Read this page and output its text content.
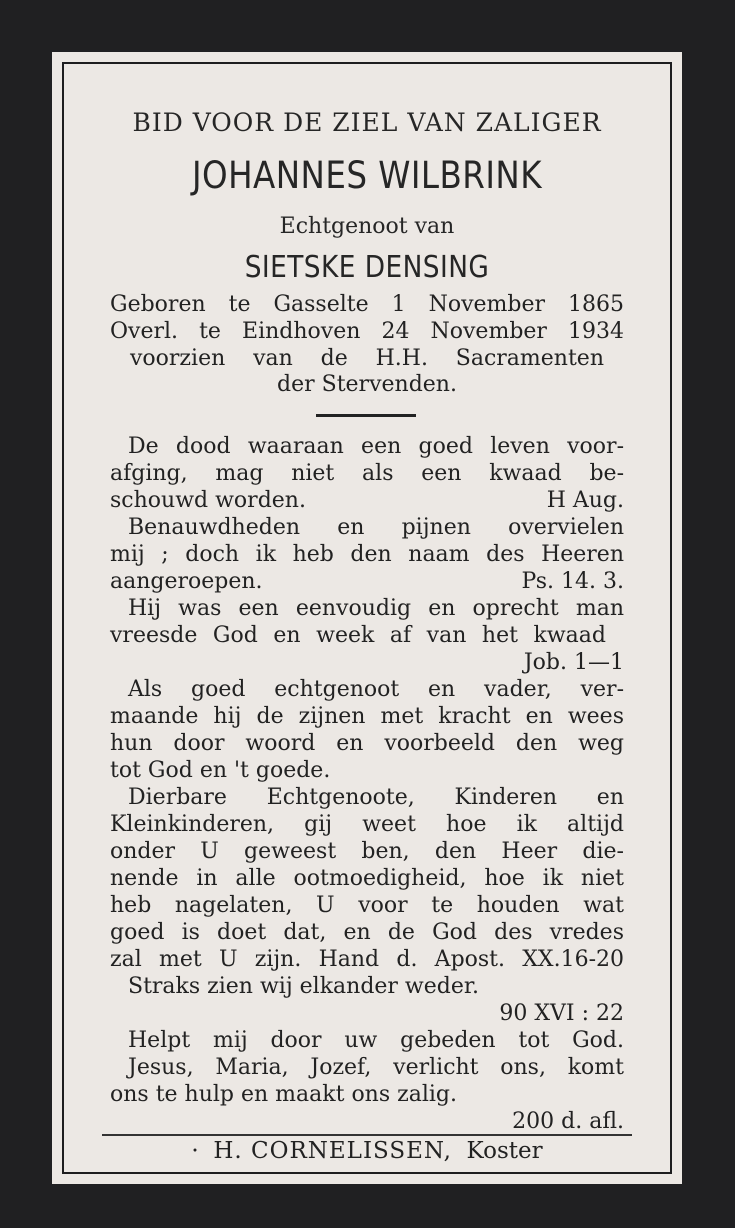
BID VOOR DE ZIEL VAN ZALIGER
JOHANNES WILBRINK
Echtgenoot van
SIETSKE DENSING
Geboren te Gasselte 1 November 1865
Overl. te Eindhoven 24 November 1934
voorzien van de H.H. Sacramenten
der Stervenden.
De dood waaraan een goed leven voor-
afging, mag niet als een kwaad be-
schouwd worden.	H Aug.
Benauwdheden en pijnen overvielen
mij ; doch ik heb den naam des Heeren
aangeroepen.	Ps. 14. 3.
Hij was een eenvoudig en oprecht man
vreesde God en week af van het kwaad
Job. 1—1
Als goed echtgenoot en vader, ver-
maande hij de zijnen met kracht en wees
hun door woord en voorbeeld den weg
tot God en 't goede.
Dierbare Echtgenoote, Kinderen en
Kleinkinderen, gij weet hoe ik altijd
onder U geweest ben, den Heer die-
nende in alle ootmoedigheid, hoe ik niet
heb nagelaten, U voor te houden wat
goed is doet dat, en de God des vredes
zal met U zijn. Hand d. Apost. XX.16-20
Straks zien wij elkander weder.
90 XVI : 22
Helpt mij door uw gebeden tot God.
Jesus, Maria, Jozef, verlicht ons, komt
ons te hulp en maakt ons zalig.
200 d. afl.
·  H. CORNELISSEN, Koster
